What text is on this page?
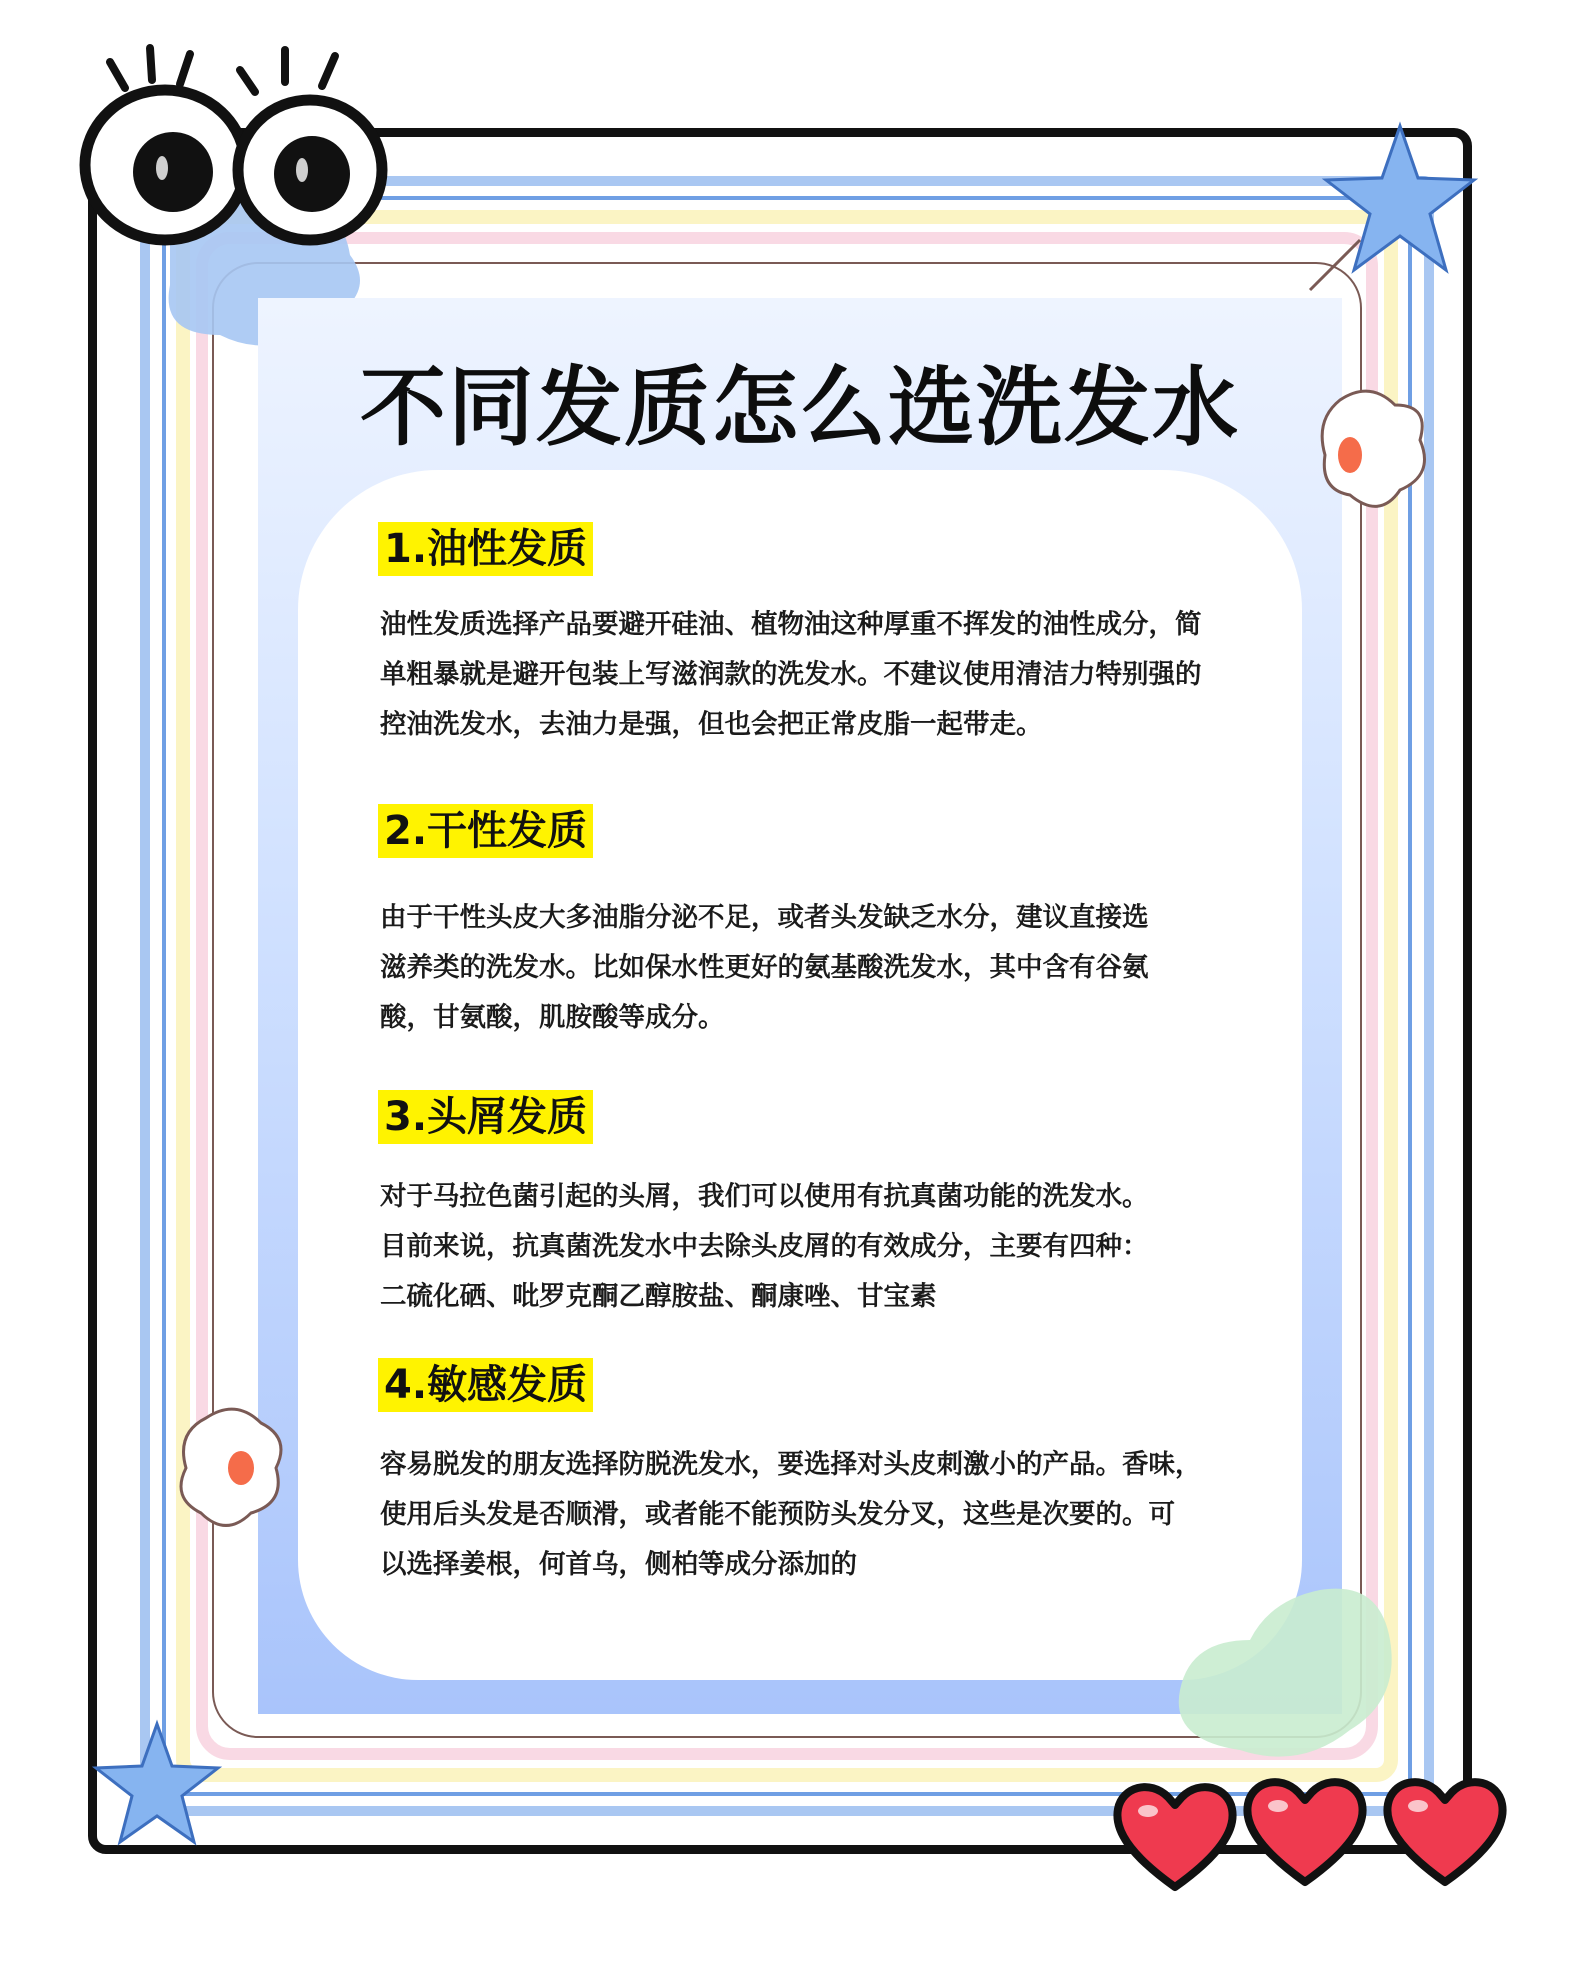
不同发质怎么选洗发水
1.油性发质
油性发质选择产品要避开硅油、植物油这种厚重不挥发的油性成分，简
单粗暴就是避开包装上写滋润款的洗发水。不建议使用清洁力特别强的
控油洗发水，去油力是强，但也会把正常皮脂一起带走。
2.干性发质
由于干性头皮大多油脂分泌不足，或者头发缺乏水分，建议直接选
滋养类的洗发水。比如保水性更好的氨基酸洗发水，其中含有谷氨
酸，甘氨酸，肌胺酸等成分。
3.头屑发质
对于马拉色菌引起的头屑，我们可以使用有抗真菌功能的洗发水。
目前来说，抗真菌洗发水中去除头皮屑的有效成分，主要有四种：
二硫化硒、吡罗克酮乙醇胺盐、酮康唑、甘宝素
4.敏感发质
容易脱发的朋友选择防脱洗发水，要选择对头皮刺激小的产品。香味，
使用后头发是否顺滑，或者能不能预防头发分叉，这些是次要的。可
以选择姜根，何首乌，侧柏等成分添加的
